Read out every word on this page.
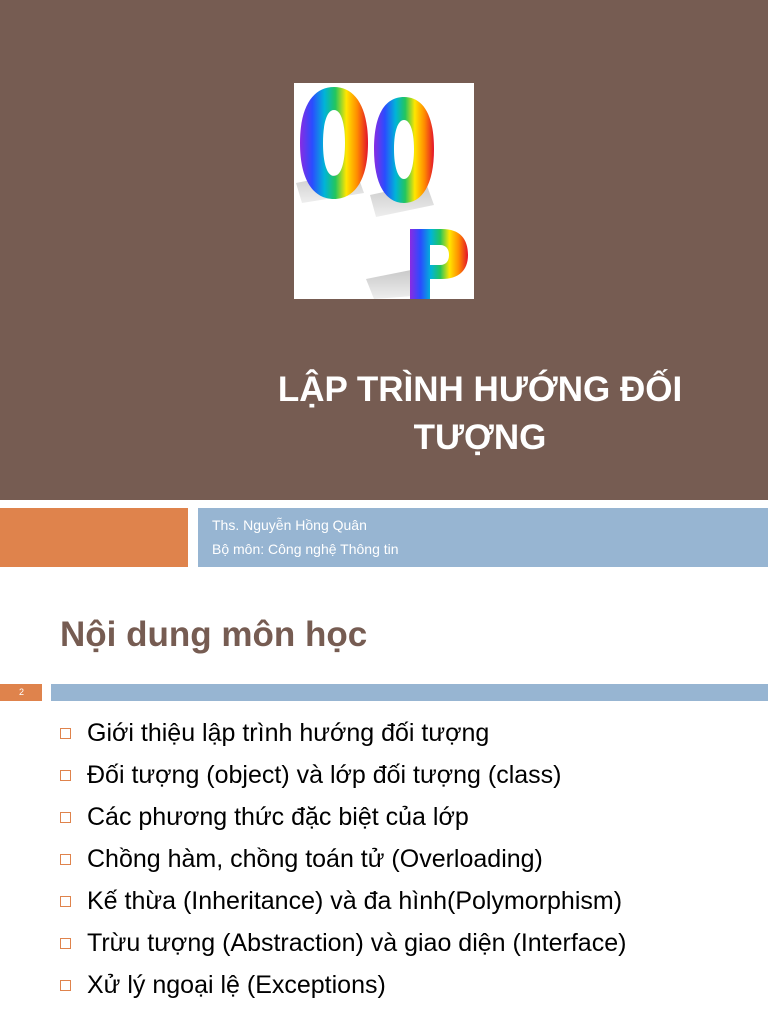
LẬP TRÌNH HƯỚNG ĐỐI
TƯỢNG
Ths. Nguyễn Hồng Quân
Bộ môn: Công nghệ Thông tin
Nội dung môn học
2
Giới thiệu lập trình hướng đối tượng
Đối tượng (object) và lớp đối tượng (class)
Các phương thức đặc biệt của lớp
Chồng hàm, chồng toán tử (Overloading)
Kế thừa (Inheritance) và đa hình(Polymorphism)
Trừu tượng (Abstraction) và giao diện (Interface)
Xử lý ngoại lệ (Exceptions)
